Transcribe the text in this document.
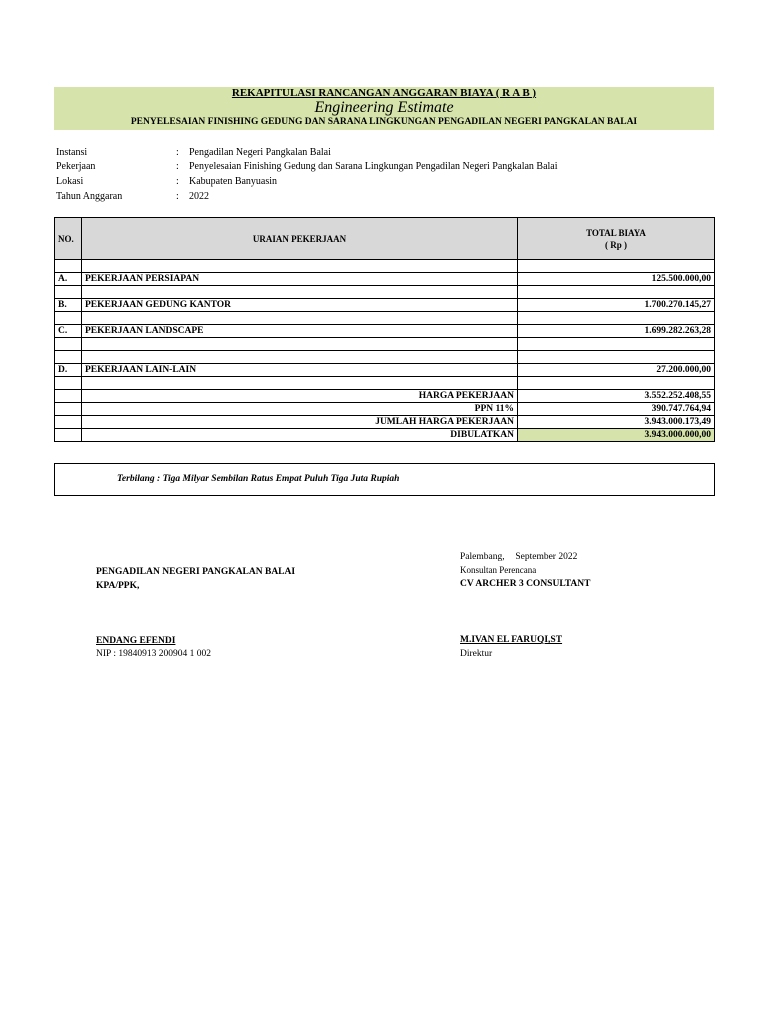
REKAPITULASI RANCANGAN ANGGARAN BIAYA ( R A B )
Engineering Estimate
PENYELESAIAN FINISHING GEDUNG DAN SARANA LINGKUNGAN PENGADILAN NEGERI PANGKALAN BALAI
Instansi	: Pengadilan Negeri Pangkalan Balai
Pekerjaan	: Penyelesaian Finishing Gedung dan Sarana Lingkungan Pengadilan Negeri Pangkalan Balai
Lokasi	: Kabupaten Banyuasin
Tahun Anggaran	: 2022
NO.	URAIAN PEKERJAAN	TOTAL BIAYA
( Rp )

A.	PEKERJAAN PERSIAPAN	125.500.000,00

B.	PEKERJAAN GEDUNG KANTOR	1.700.270.145,27

C.	PEKERJAAN LANDSCAPE	1.699.282.263,28

D.	PEKERJAAN LAIN-LAIN	27.200.000,00

	HARGA PEKERJAAN	3.552.252.408,55
	PPN 11%	390.747.764,94
	JUMLAH HARGA PEKERJAAN	3.943.000.173,49
	DIBULATKAN	3.943.000.000,00
Terbilang : Tiga Milyar Sembilan Ratus Empat Puluh Tiga Juta Rupiah
Palembang, September 2022
Konsultan Perencana
CV ARCHER 3 CONSULTANT
PENGADILAN NEGERI PANGKALAN BALAI
KPA/PPK,
ENDANG EFENDI
NIP : 19840913 200904 1 002
M.IVAN EL FARUQI,ST
Direktur
